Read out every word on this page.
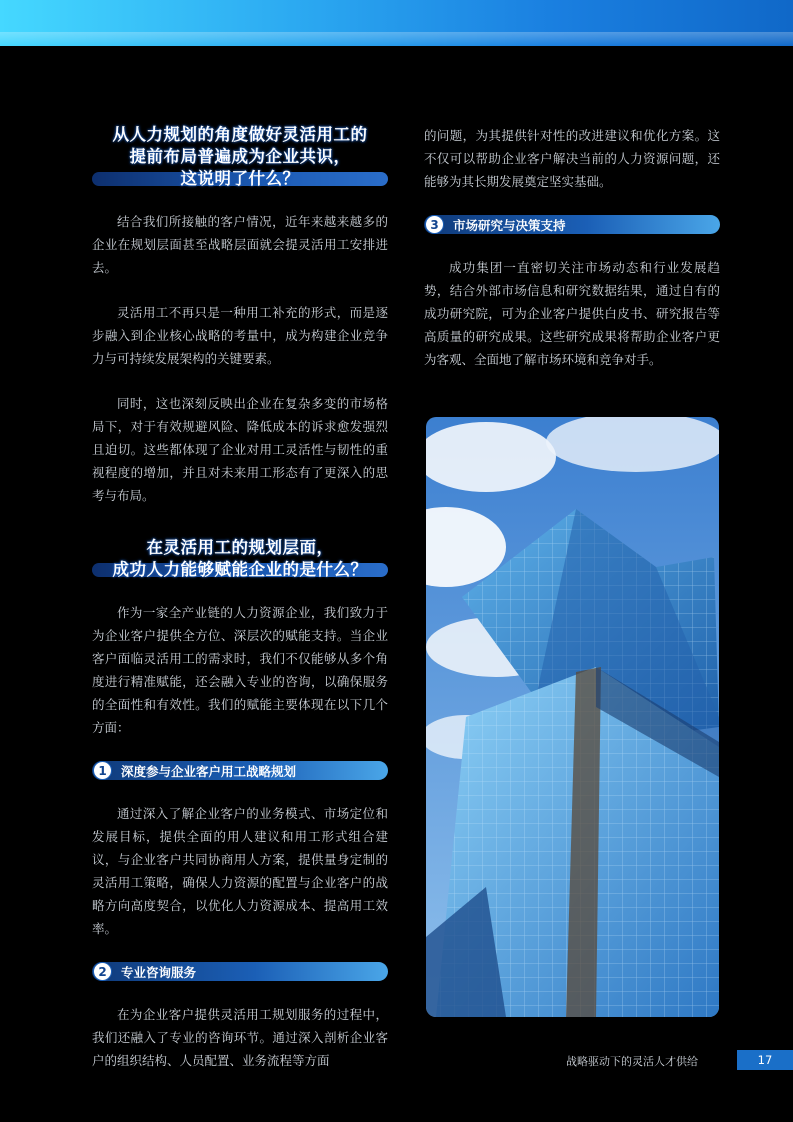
从人力规划的角度做好灵活用工的
提前布局普遍成为企业共识，
这说明了什么？

结合我们所接触的客户情况，近年来越来越多的企业在规划层面甚至战略层面就会提灵活用工安排进去。

灵活用工不再只是一种用工补充的形式，而是逐步融入到企业核心战略的考量中，成为构建企业竞争力与可持续发展架构的关键要素。

同时，这也深刻反映出企业在复杂多变的市场格局下，对于有效规避风险、降低成本的诉求愈发强烈且迫切。这些都体现了企业对用工灵活性与韧性的重视程度的增加，并且对未来用工形态有了更深入的思考与布局。

在灵活用工的规划层面，
成功人力能够赋能企业的是什么？

作为一家全产业链的人力资源企业，我们致力于为企业客户提供全方位、深层次的赋能支持。当企业客户面临灵活用工的需求时，我们不仅能够从多个角度进行精准赋能，还会融入专业的咨询，以确保服务的全面性和有效性。我们的赋能主要体现在以下几个方面：

1	深度参与企业客户用工战略规划

通过深入了解企业客户的业务模式、市场定位和发展目标，提供全面的用人建议和用工形式组合建议，与企业客户共同协商用人方案，提供量身定制的灵活用工策略，确保人力资源的配置与企业客户的战略方向高度契合，以优化人力资源成本、提高用工效率。

2	专业咨询服务

在为企业客户提供灵活用工规划服务的过程中，我们还融入了专业的咨询环节。通过深入剖析企业客户的组织结构、人员配置、业务流程等方面

的问题，为其提供针对性的改进建议和优化方案。这不仅可以帮助企业客户解决当前的人力资源问题，还能够为其长期发展奠定坚实基础。

3	市场研究与决策支持

成功集团一直密切关注市场动态和行业发展趋势，结合外部市场信息和研究数据结果，通过自有的成功研究院，可为企业客户提供白皮书、研究报告等高质量的研究成果。这些研究成果将帮助企业客户更为客观、全面地了解市场环境和竞争对手。

战略驱动下的灵活人才供给	17
